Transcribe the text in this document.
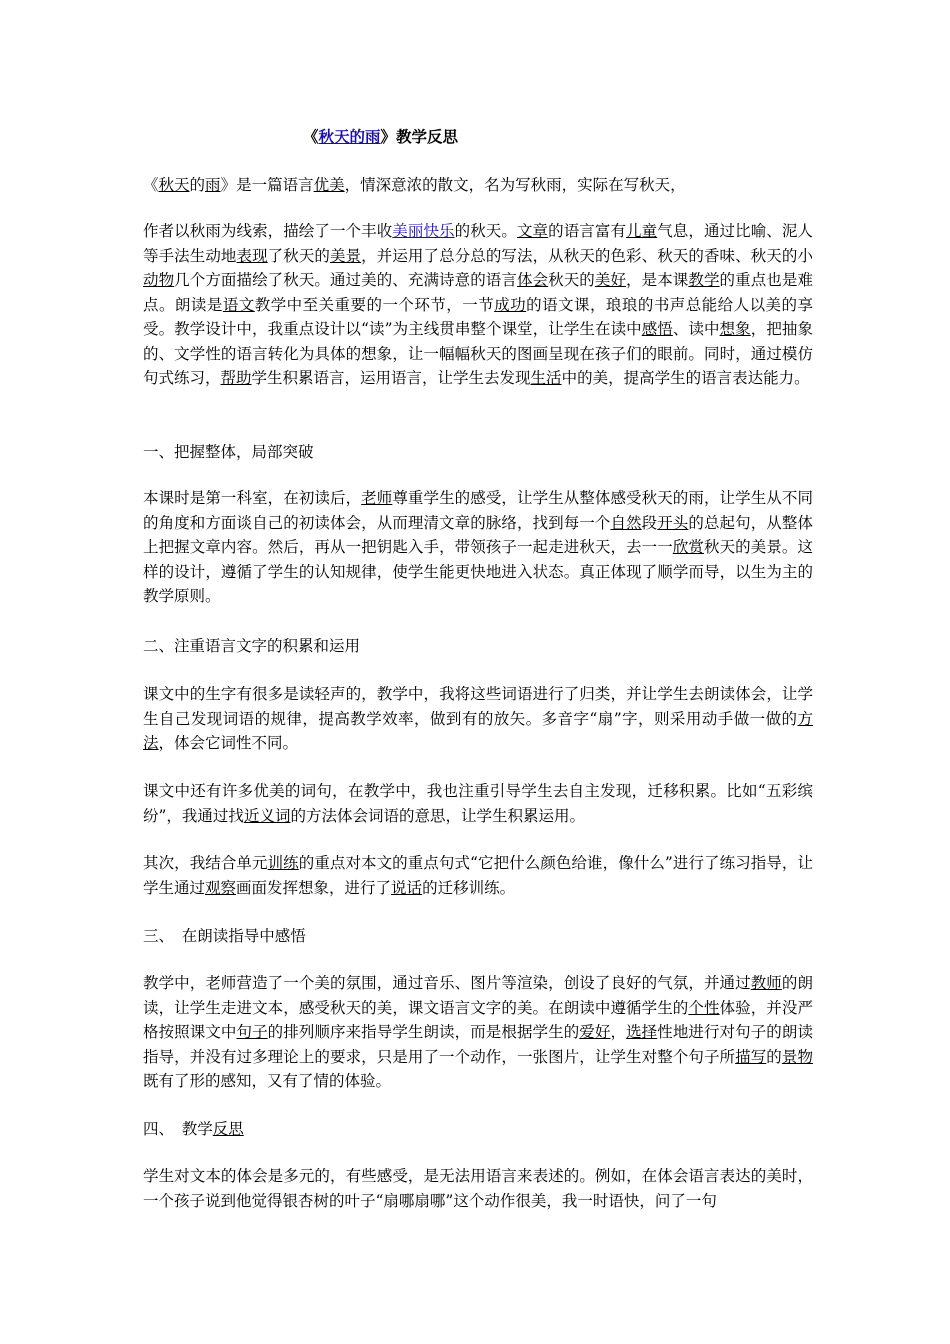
《秋天的雨》教学反思

《秋天的雨》是一篇语言优美，情深意浓的散文，名为写秋雨，实际在写秋天，

作者以秋雨为线索，描绘了一个丰收美丽快乐的秋天。文章的语言富有儿童气息，通过比喻、泥人等手法生动地表现了秋天的美景，并运用了总分总的写法，从秋天的色彩、秋天的香味、秋天的小动物几个方面描绘了秋天。通过美的、充满诗意的语言体会秋天的美好，是本课教学的重点也是难点。朗读是语文教学中至关重要的一个环节，一节成功的语文课，琅琅的书声总能给人以美的享受。教学设计中，我重点设计以“读”为主线贯串整个课堂，让学生在读中感悟、读中想象，把抽象的、文学性的语言转化为具体的想象，让一幅幅秋天的图画呈现在孩子们的眼前。同时，通过模仿句式练习，帮助学生积累语言，运用语言，让学生去发现生活中的美，提高学生的语言表达能力。

一、把握整体，局部突破

本课时是第一科室，在初读后，老师尊重学生的感受，让学生从整体感受秋天的雨，让学生从不同的角度和方面谈自己的初读体会，从而理清文章的脉络，找到每一个自然段开头的总起句，从整体上把握文章内容。然后，再从一把钥匙入手，带领孩子一起走进秋天，去一一欣赏秋天的美景。这样的设计，遵循了学生的认知规律，使学生能更快地进入状态。真正体现了顺学而导，以生为主的教学原则。

二、注重语言文字的积累和运用

课文中的生字有很多是读轻声的，教学中，我将这些词语进行了归类，并让学生去朗读体会，让学生自己发现词语的规律，提高教学效率，做到有的放矢。多音字“扇”字，则采用动手做一做的方法，体会它词性不同。

课文中还有许多优美的词句，在教学中，我也注重引导学生去自主发现，迁移积累。比如“五彩缤纷”，我通过找近义词的方法体会词语的意思，让学生积累运用。

其次，我结合单元训练的重点对本文的重点句式“它把什么颜色给谁，像什么”进行了练习指导，让学生通过观察画面发挥想象，进行了说话的迁移训练。

三、　在朗读指导中感悟

教学中，老师营造了一个美的氛围，通过音乐、图片等渲染，创设了良好的气氛，并通过教师的朗读，让学生走进文本，感受秋天的美，课文语言文字的美。在朗读中遵循学生的个性体验，并没严格按照课文中句子的排列顺序来指导学生朗读，而是根据学生的爱好，选择性地进行对句子的朗读指导，并没有过多理论上的要求，只是用了一个动作，一张图片，让学生对整个句子所描写的景物既有了形的感知，又有了情的体验。

四、　教学反思

学生对文本的体会是多元的，有些感受，是无法用语言来表述的。例如，在体会语言表达的美时，一个孩子说到他觉得银杏树的叶子“扇哪扇哪”这个动作很美，我一时语快，问了一句
